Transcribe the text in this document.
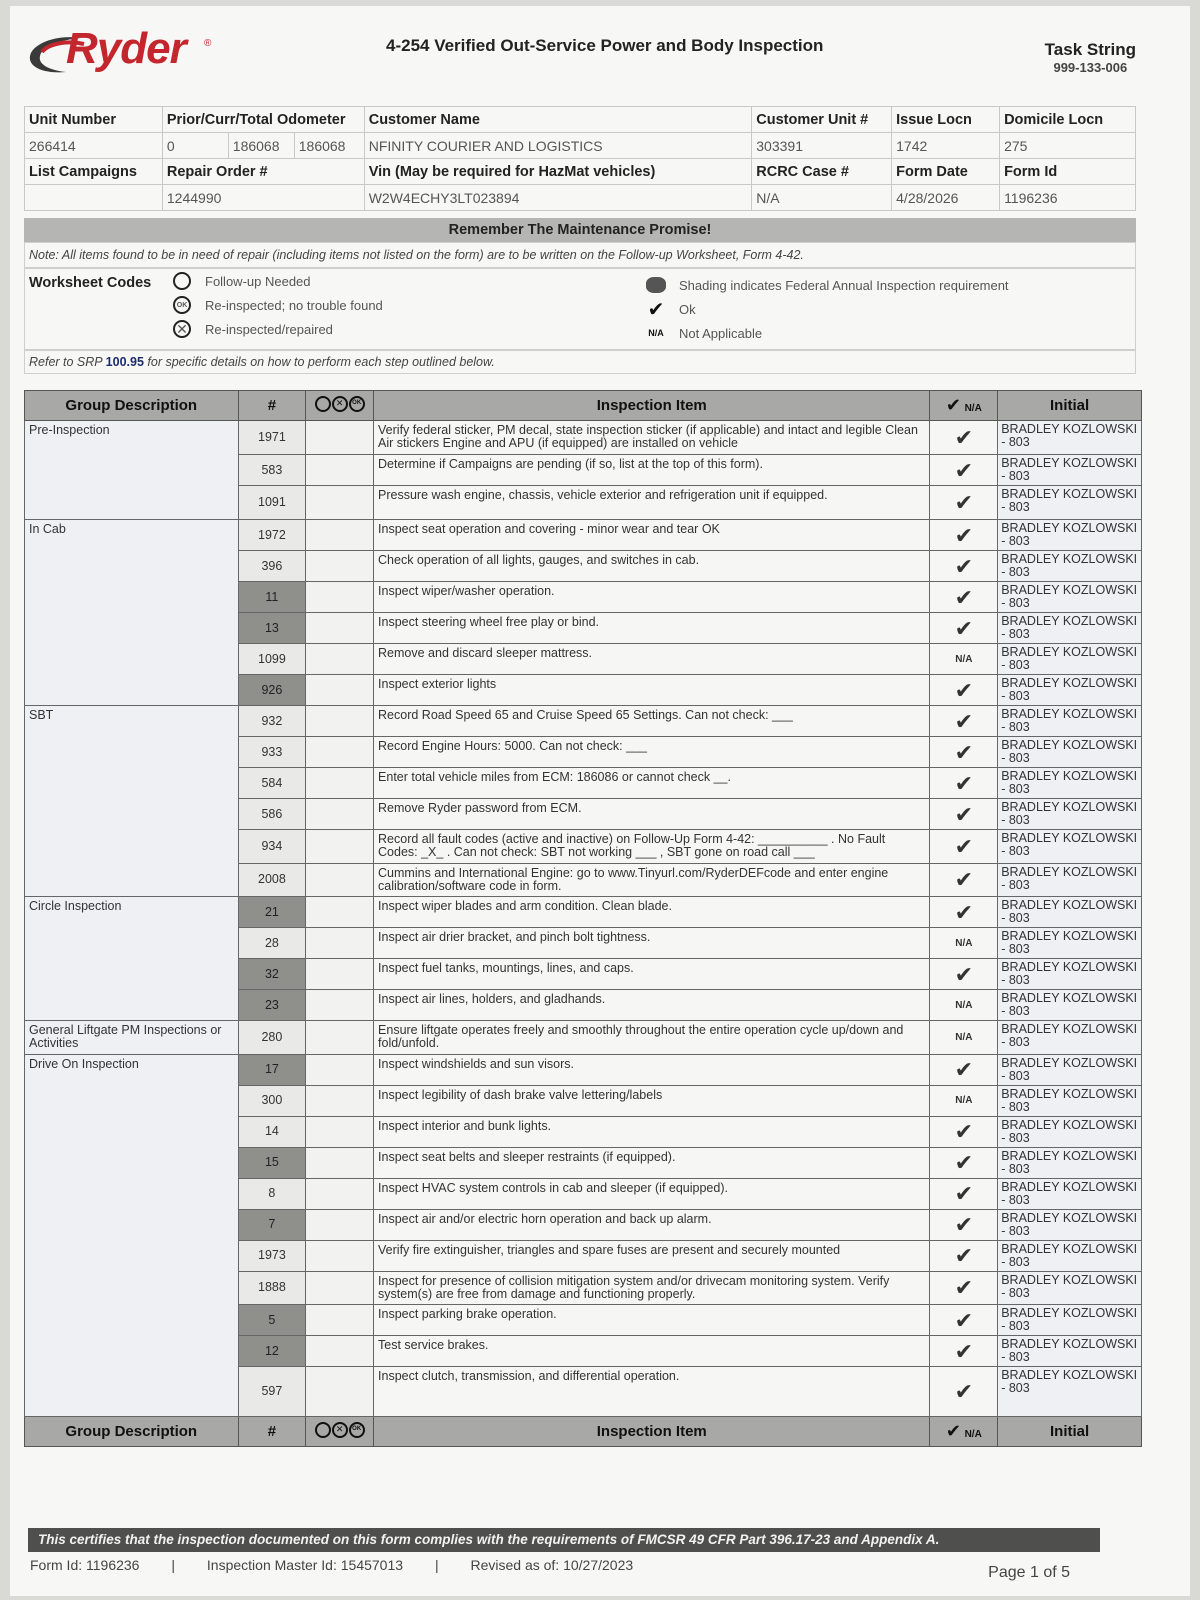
Ryder ®	4-254 Verified Out-Service Power and Body Inspection	Task String
999-133-006
Unit Number	Prior/Curr/Total Odometer			Customer Name	Customer Unit #	Issue Locn	Domicile Locn
266414	0	186068	186068	NFINITY COURIER AND LOGISTICS	303391	1742	275
List Campaigns	Repair Order #			Vin (May be required for HazMat vehicles)	RCRC Case #	Form Date	Form Id
	1244990			W2W4ECHY3LT023894	N/A	4/28/2026	1196236
Remember The Maintenance Promise!
Note: All items found to be in need of repair (including items not listed on the form) are to be written on the Follow-up Worksheet, Form 4-42.
Worksheet Codes	Follow-up Needed
OK Re-inspected; no trouble found
✕ Re-inspected/repaired
Shading indicates Federal Annual Inspection requirement
✔ Ok
N/A Not Applicable
Refer to SRP 100.95 for specific details on how to perform each step outlined below.
Group Description	#	✕ OK	Inspection Item	✔ N/A	Initial
Pre-Inspection	1971		Verify federal sticker, PM decal, state inspection sticker (if applicable) and intact and legible Clean Air stickers Engine and APU (if equipped) are installed on vehicle	✔	BRADLEY KOZLOWSKI - 803
	583		Determine if Campaigns are pending (if so, list at the top of this form).	✔	BRADLEY KOZLOWSKI - 803
	1091		Pressure wash engine, chassis, vehicle exterior and refrigeration unit if equipped.	✔	BRADLEY KOZLOWSKI - 803
In Cab	1972		Inspect seat operation and covering - minor wear and tear OK	✔	BRADLEY KOZLOWSKI - 803
	396		Check operation of all lights, gauges, and switches in cab.	✔	BRADLEY KOZLOWSKI - 803
	11		Inspect wiper/washer operation.	✔	BRADLEY KOZLOWSKI - 803
	13		Inspect steering wheel free play or bind.	✔	BRADLEY KOZLOWSKI - 803
	1099		Remove and discard sleeper mattress.	N/A	BRADLEY KOZLOWSKI - 803
	926		Inspect exterior lights	✔	BRADLEY KOZLOWSKI - 803
SBT	932		Record Road Speed 65 and Cruise Speed 65 Settings. Can not check: ___	✔	BRADLEY KOZLOWSKI - 803
	933		Record Engine Hours: 5000. Can not check: ___	✔	BRADLEY KOZLOWSKI - 803
	584		Enter total vehicle miles from ECM: 186086 or cannot check __.	✔	BRADLEY KOZLOWSKI - 803
	586		Remove Ryder password from ECM.	✔	BRADLEY KOZLOWSKI - 803
	934		Record all fault codes (active and inactive) on Follow-Up Form 4-42: __________ . No Fault Codes: _X_ . Can not check: SBT not working ___ , SBT gone on road call ___	✔	BRADLEY KOZLOWSKI - 803
	2008		Cummins and International Engine: go to www.Tinyurl.com/RyderDEFcode and enter engine calibration/software code in form.	✔	BRADLEY KOZLOWSKI - 803
Circle Inspection	21		Inspect wiper blades and arm condition. Clean blade.	✔	BRADLEY KOZLOWSKI - 803
	28		Inspect air drier bracket, and pinch bolt tightness.	N/A	BRADLEY KOZLOWSKI - 803
	32		Inspect fuel tanks, mountings, lines, and caps.	✔	BRADLEY KOZLOWSKI - 803
	23		Inspect air lines, holders, and gladhands.	N/A	BRADLEY KOZLOWSKI - 803
General Liftgate PM Inspections or Activities	280		Ensure liftgate operates freely and smoothly throughout the entire operation cycle up/down and fold/unfold.	N/A	BRADLEY KOZLOWSKI - 803
Drive On Inspection	17		Inspect windshields and sun visors.	✔	BRADLEY KOZLOWSKI - 803
	300		Inspect legibility of dash brake valve lettering/labels	N/A	BRADLEY KOZLOWSKI - 803
	14		Inspect interior and bunk lights.	✔	BRADLEY KOZLOWSKI - 803
	15		Inspect seat belts and sleeper restraints (if equipped).	✔	BRADLEY KOZLOWSKI - 803
	8		Inspect HVAC system controls in cab and sleeper (if equipped).	✔	BRADLEY KOZLOWSKI - 803
	7		Inspect air and/or electric horn operation and back up alarm.	✔	BRADLEY KOZLOWSKI - 803
	1973		Verify fire extinguisher, triangles and spare fuses are present and securely mounted	✔	BRADLEY KOZLOWSKI - 803
	1888		Inspect for presence of collision mitigation system and/or drivecam monitoring system. Verify system(s) are free from damage and functioning properly.	✔	BRADLEY KOZLOWSKI - 803
	5		Inspect parking brake operation.	✔	BRADLEY KOZLOWSKI - 803
	12		Test service brakes.	✔	BRADLEY KOZLOWSKI - 803
	597		Inspect clutch, transmission, and differential operation.	✔	BRADLEY KOZLOWSKI - 803
Group Description	#	✕ OK	Inspection Item	✔ N/A	Initial
This certifies that the inspection documented on this form complies with the requirements of FMCSR 49 CFR Part 396.17-23 and Appendix A.
Form Id: 1196236 | Inspection Master Id: 15457013 | Revised as of: 10/27/2023	Page 1 of 5
